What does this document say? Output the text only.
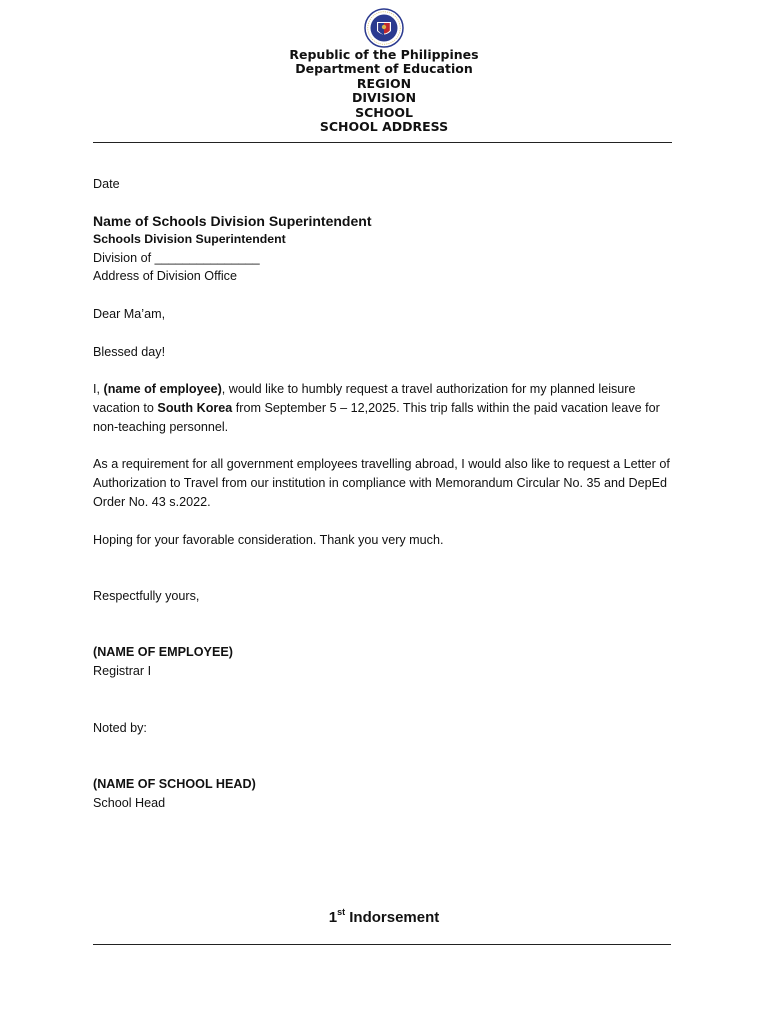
Republic of the Philippines
Department of Education
REGION
DIVISION
SCHOOL
SCHOOL ADDRESS

Date

Name of Schools Division Superintendent

Schools Division Superintendent

Division of _______________

Address of Division Office

Dear Ma’am,

Blessed day!

I, (name of employee), would like to humbly request a travel authorization for my planned leisure vacation to South Korea from September 5 – 12,2025. This trip falls within the paid vacation leave for non-teaching personnel.

As a requirement for all government employees travelling abroad, I would also like to request a Letter of Authorization to Travel from our institution in compliance with Memorandum Circular No. 35 and DepEd Order No. 43 s.2022.

Hoping for your favorable consideration. Thank you very much.

Respectfully yours,

(NAME OF EMPLOYEE)

Registrar I

Noted by:

(NAME OF SCHOOL HEAD)

School Head

1st Indorsement
